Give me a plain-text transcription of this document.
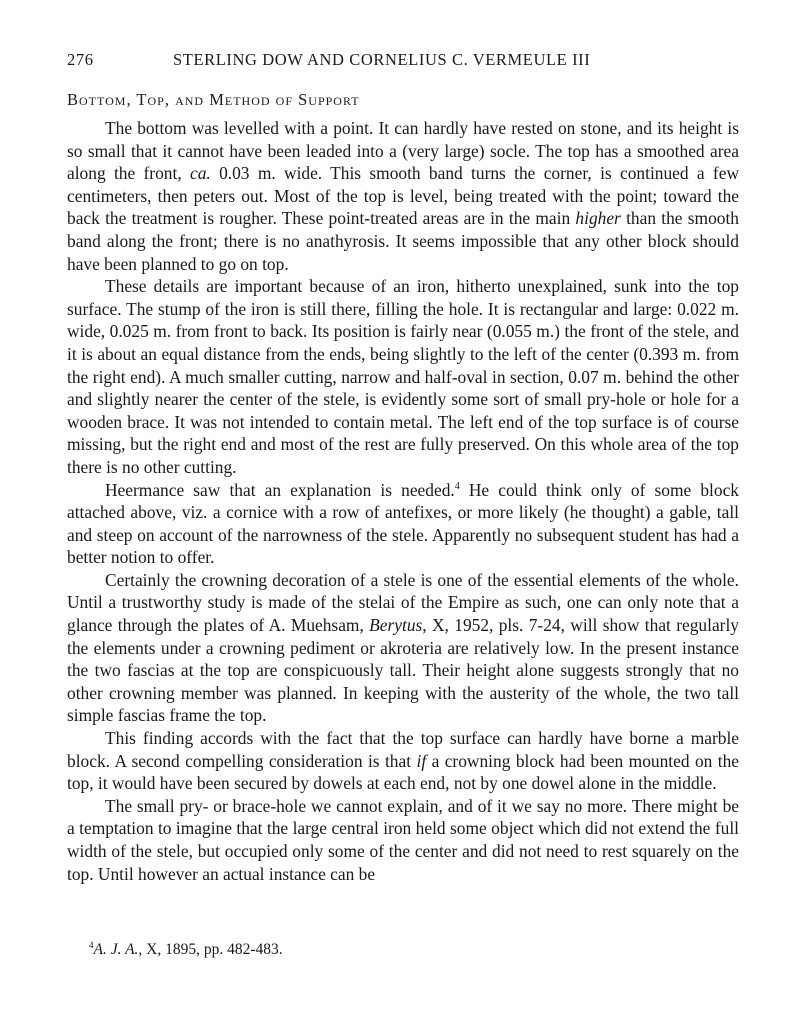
276	STERLING DOW AND CORNELIUS C. VERMEULE III
Bottom, Top, and Method of Support

The bottom was levelled with a point. It can hardly have rested on stone, and its height is so small that it cannot have been leaded into a (very large) socle. The top has a smoothed area along the front, ca. 0.03 m. wide. This smooth band turns the corner, is continued a few centimeters, then peters out. Most of the top is level, being treated with the point; toward the back the treatment is rougher. These point-treated areas are in the main higher than the smooth band along the front; there is no anathyrosis. It seems impossible that any other block should have been planned to go on top.

These details are important because of an iron, hitherto unexplained, sunk into the top surface. The stump of the iron is still there, filling the hole. It is rectangular and large: 0.022 m. wide, 0.025 m. from front to back. Its position is fairly near (0.055 m.) the front of the stele, and it is about an equal distance from the ends, being slightly to the left of the center (0.393 m. from the right end). A much smaller cutting, narrow and half-oval in section, 0.07 m. behind the other and slightly nearer the center of the stele, is evidently some sort of small pry-hole or hole for a wooden brace. It was not intended to contain metal. The left end of the top surface is of course missing, but the right end and most of the rest are fully preserved. On this whole area of the top there is no other cutting.

Heermance saw that an explanation is needed.$^4$ He could think only of some block attached above, viz. a cornice with a row of antefixes, or more likely (he thought) a gable, tall and steep on account of the narrowness of the stele. Apparently no subsequent student has had a better notion to offer.

Certainly the crowning decoration of a stele is one of the essential elements of the whole. Until a trustworthy study is made of the stelai of the Empire as such, one can only note that a glance through the plates of A. Muehsam, Berytus, X, 1952, pls. 7-24, will show that regularly the elements under a crowning pediment or akroteria are relatively low. In the present instance the two fascias at the top are conspicuously tall. Their height alone suggests strongly that no other crowning member was planned. In keeping with the austerity of the whole, the two tall simple fascias frame the top.

This finding accords with the fact that the top surface can hardly have borne a marble block. A second compelling consideration is that if a crowning block had been mounted on the top, it would have been secured by dowels at each end, not by one dowel alone in the middle.

The small pry- or brace-hole we cannot explain, and of it we say no more. There might be a temptation to imagine that the large central iron held some object which did not extend the full width of the stele, but occupied only some of the center and did not need to rest squarely on the top. Until however an actual instance can be

$^4$A. J. A., X, 1895, pp. 482-483.
